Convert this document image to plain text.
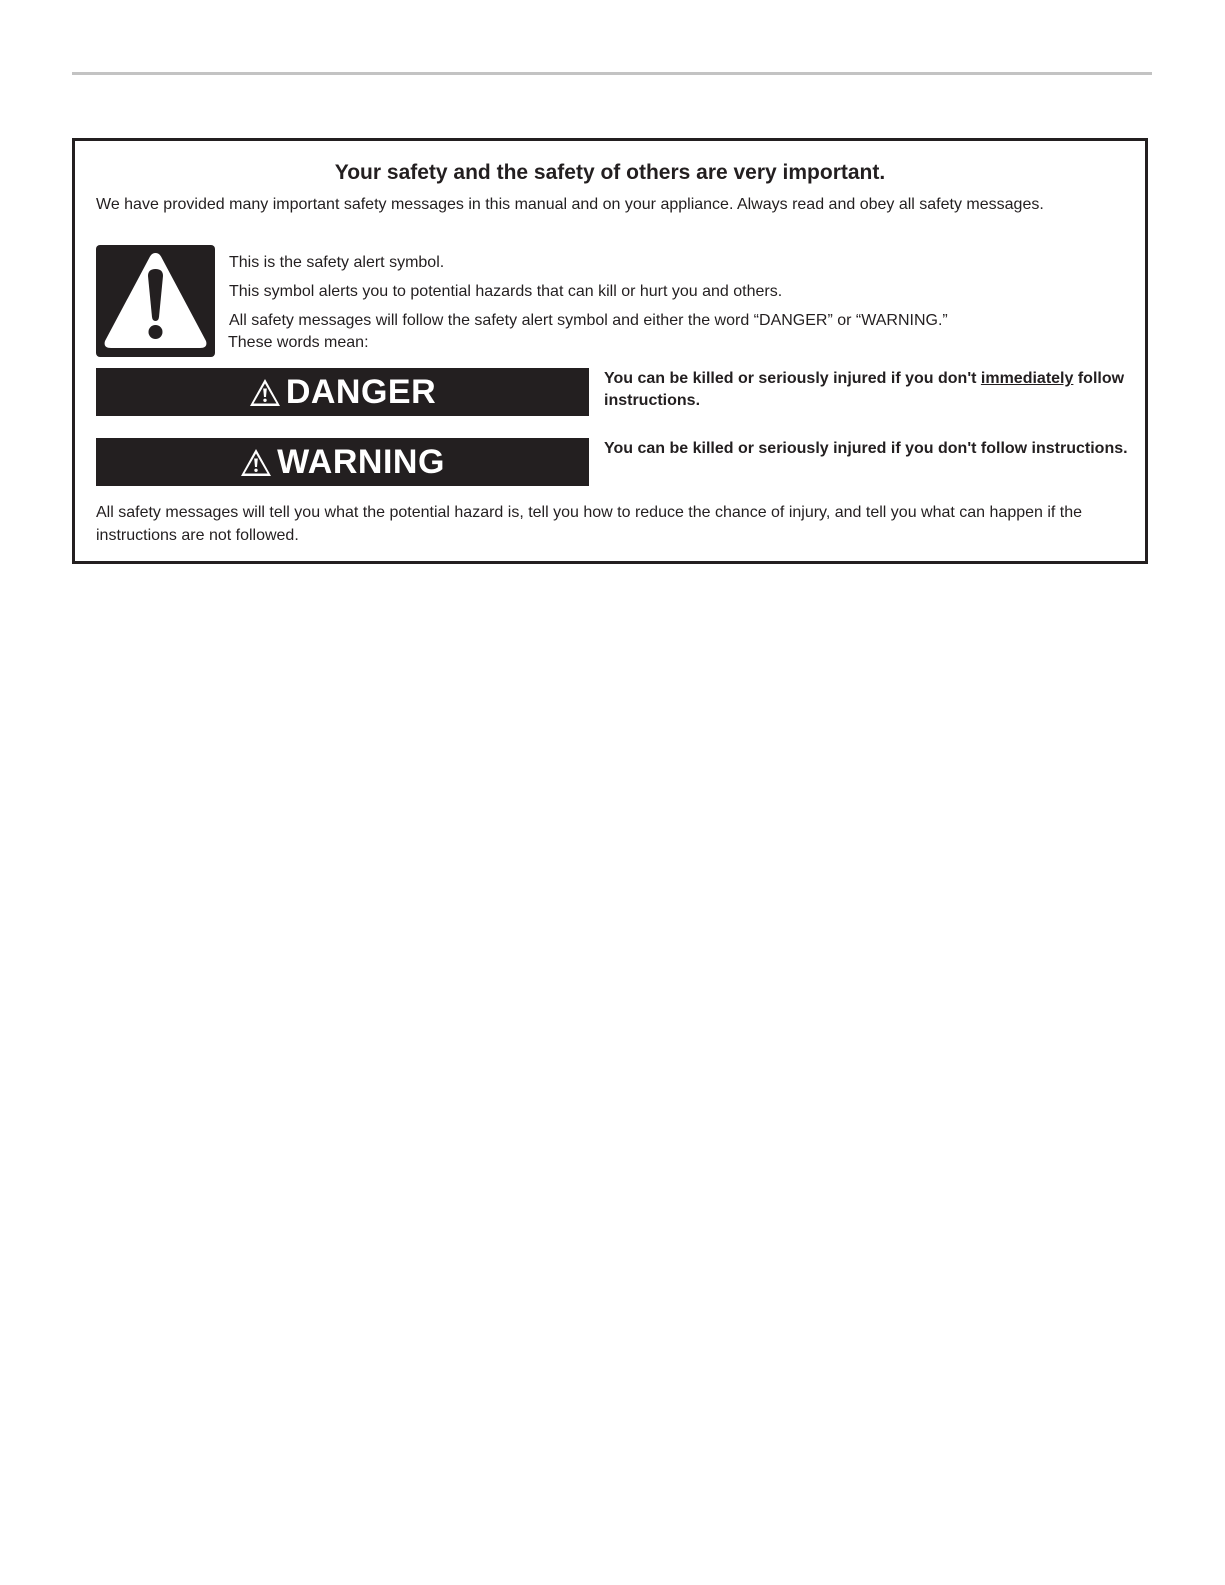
Your safety and the safety of others are very important.

We have provided many important safety messages in this manual and on your appliance. Always read and obey all safety messages.

This is the safety alert symbol.

This symbol alerts you to potential hazards that can kill or hurt you and others.

All safety messages will follow the safety alert symbol and either the word “DANGER” or “WARNING.”

These words mean:

DANGER	You can be killed or seriously injured if you don't immediately follow instructions.

WARNING	You can be killed or seriously injured if you don't follow instructions.

All safety messages will tell you what the potential hazard is, tell you how to reduce the chance of injury, and tell you what can happen if the instructions are not followed.
